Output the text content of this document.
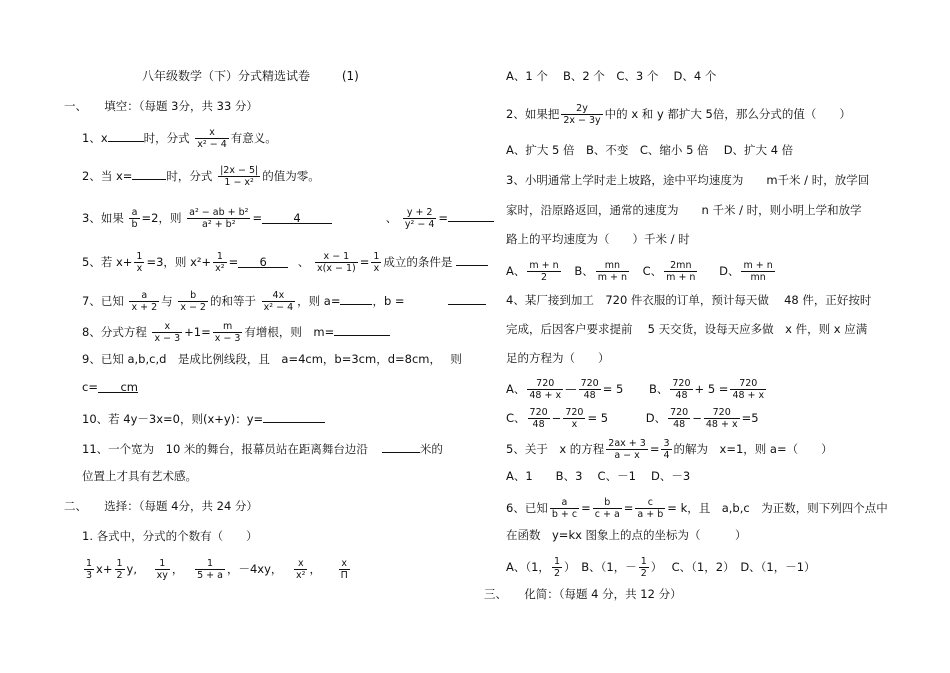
八年级数学（下）分式精选试卷	(1)
一、　　填空：（每题 3分，共 33 分）
1、x	时，分式 $\frac{x}{\text{x² − 4}}$ 有意义。
2、当 x=	时，分式 $\frac{|2x - 5|}{\text{1 − x²}}$ 的值为零。
3、如果 $\frac{a}{b} =2$，则 $\frac{\text{a² − ab + b²}}{\text{a² + b²}}$ =	4	、 $\frac{y + 2}{\text{y² − 4}}$ =
5、若 $x+ \frac{1}{x} =3$，则 $x^2+ \frac{1}{\text{x²}} = 6$	、 $\frac{x - 1}{x(x - 1)} = \frac{1}{x}$ 成立的条件是
7、已知 $\frac{a}{x + 2}$ 与 $\frac{b}{x - 2}$ 的和等于 $\frac{4x}{\text{x² − 4}}$ ，则 a=	，b =
8、分式方程 $\frac{x}{x - 3} +1= \frac{m}{x - 3}$ 有增根，则　m=
9、已知 a,b,c,d　是成比例线段，且　a=4cm，b=3cm，d=8cm，　 则
c= cm
10、若 4y－3x=0，则(x+y)：y=
11、一个宽为　10 米的舞台，报幕员站在距离舞台边沿	米的
位置上才具有艺术感。
二、　　选择：（每题 4分，共 24 分）
1. 各式中，分式的个数有（　　）
$\frac{1}{3} x+ \frac{1}{2} y$, $\frac{1}{xy}$ ， $\frac{1}{5 + a}$ ，－4xy， $\frac{x}{\text{x²}}$ ， $\frac{x}{\Pi}$
A、1 个　 B、2 个　C、3 个　 D、4 个
2、如果把 $\frac{2y}{2x - 3y}$ 中的 x 和 y 都扩大 5倍，那么分式的值（　　）
A、扩大 5 倍　B、不变　C、缩小 5 倍　 D、扩大 4 倍
3、小明通常上学时走上坡路，途中平均速度为　　m千米 / 时，放学回
家时，沿原路返回，通常的速度为　　n 千米 / 时，则小明上学和放学
路上的平均速度为（　　）千米 / 时
A、 $\frac{m + n}{2}$ B、 $\frac{mn}{m + n}$ C、 $\frac{2mn}{m + n}$ D、 $\frac{m + n}{mn}$
4、某厂接到加工　720 件衣服的订单，预计每天做　 48 件，正好按时
完成，后因客户要求提前　 5 天交货，设每天应多做　x 件，则 x 应满
足的方程为（　　）
A、 $\frac{720}{48 + x}$ — $\frac{720}{48} = 5$ B、 $\frac{720}{48} + 5 = \frac{720}{48 + x}$
C、 $\frac{720}{48} - \frac{720}{x} = 5$	D、 $\frac{720}{48} - \frac{720}{48 + x} =5$
5、关于　x 的方程 $\frac{2ax + 3}{a - x} = \frac{3}{4}$ 的解为　x=1，则 a=（　　）
A、1　　B、3　 C、－1　 D、－3
6、已知 $\frac{a}{b + c} = \frac{b}{c + a} = \frac{c}{a + b} = k$，且　a,b,c　为正数，则下列四个点中
在函数　y=kx 图象上的点的坐标为（　　　）
A、（1， $\frac{1}{2}$ ）　B、（1，－ $\frac{1}{2}$ ）　 C、（1，2）　D、（1，－1）
三、　　化简：（每题 4 分，共 12 分）
